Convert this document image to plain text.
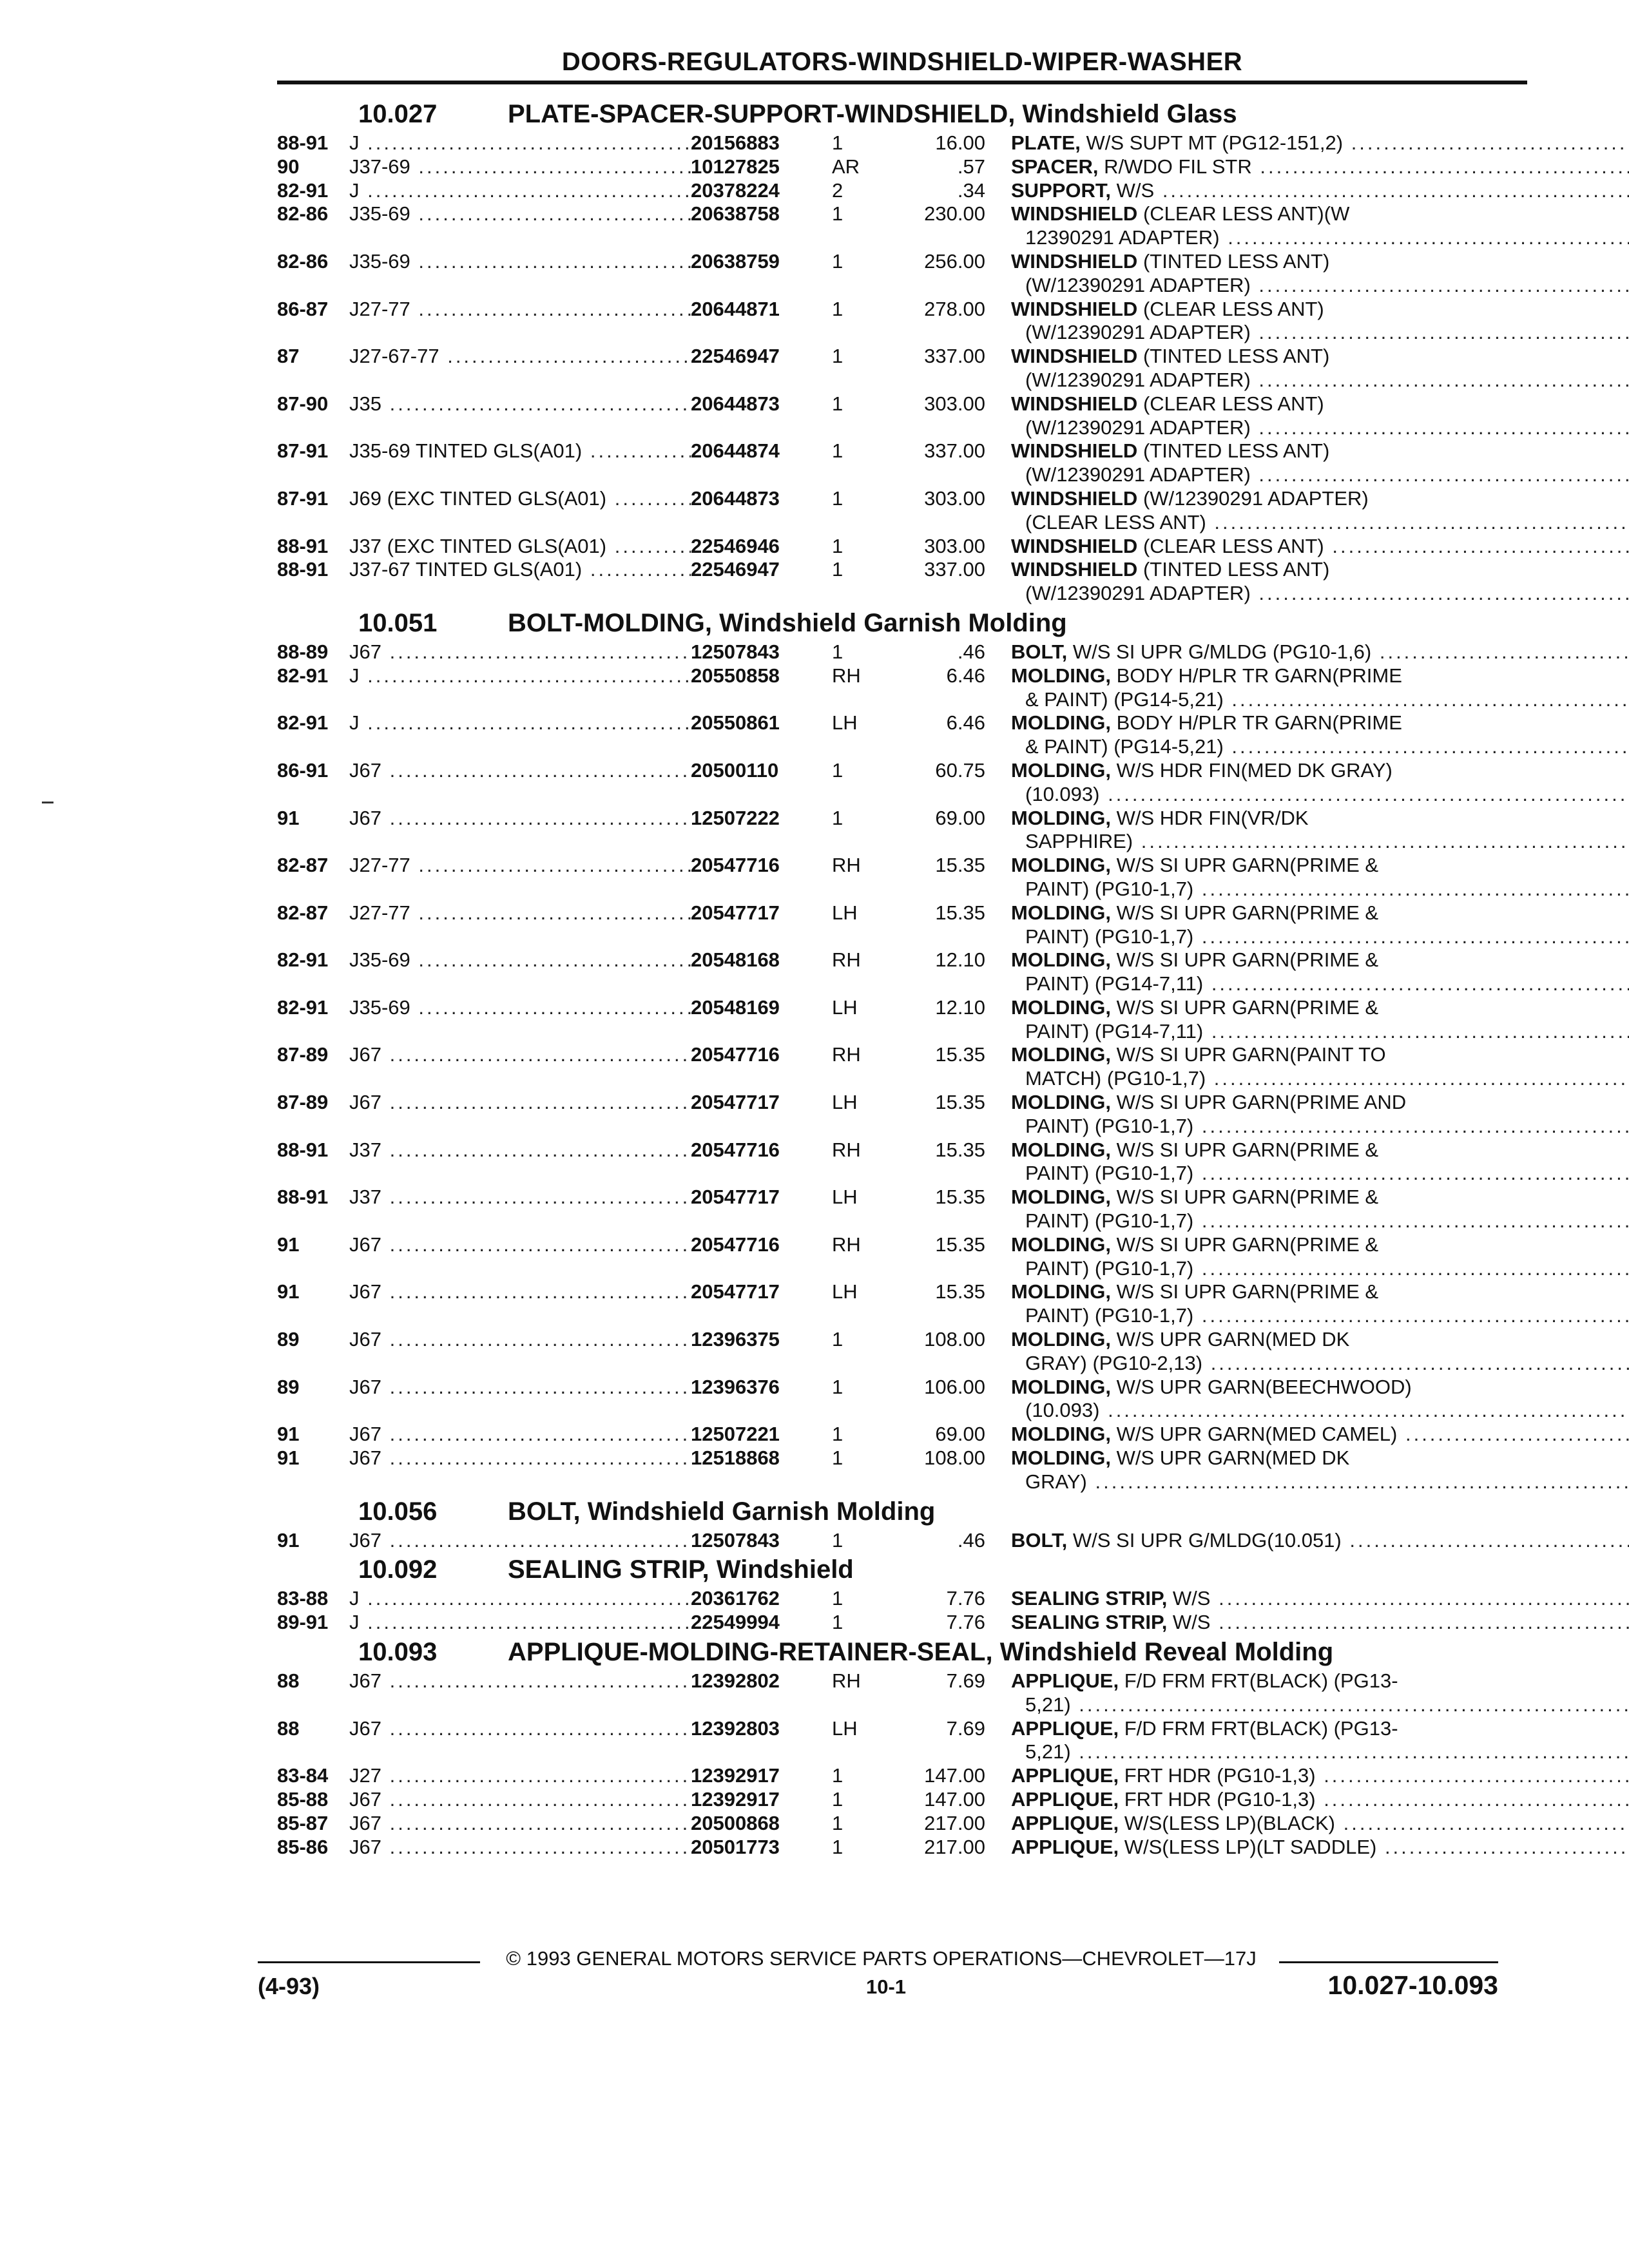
DOORS-REGULATORS-WINDSHIELD-WIPER-WASHER
10.027	PLATE-SPACER-SUPPORT-WINDSHIELD, Windshield Glass
88-91	J .....	20156883	1	16.00	PLATE, W/S SUPT MT (PG12-151,2) .....
90	J37-69 .....	10127825	AR	.57	SPACER, R/WDO FIL STR .....
82-91	J .....	20378224	2	.34	SUPPORT, W/S .....
82-86	J35-69 .....	20638758	1	230.00	WINDSHIELD (CLEAR LESS ANT)(W
12390291 ADAPTER) .....
82-86	J35-69 .....	20638759	1	256.00	WINDSHIELD (TINTED LESS ANT)
(W/12390291 ADAPTER) .....
86-87	J27-77 .....	20644871	1	278.00	WINDSHIELD (CLEAR LESS ANT)
(W/12390291 ADAPTER) .....
87	J27-67-77 .....	22546947	1	337.00	WINDSHIELD (TINTED LESS ANT)
(W/12390291 ADAPTER) .....
87-90	J35 .....	20644873	1	303.00	WINDSHIELD (CLEAR LESS ANT)
(W/12390291 ADAPTER) .....
87-91	J35-69 TINTED GLS(A01) .....	20644874	1	337.00	WINDSHIELD (TINTED LESS ANT)
(W/12390291 ADAPTER) .....
87-91	J69 (EXC TINTED GLS(A01) .....	20644873	1	303.00	WINDSHIELD (W/12390291 ADAPTER)
(CLEAR LESS ANT) .....
88-91	J37 (EXC TINTED GLS(A01) .....	22546946	1	303.00	WINDSHIELD (CLEAR LESS ANT) .....
88-91	J37-67 TINTED GLS(A01) .....	22546947	1	337.00	WINDSHIELD (TINTED LESS ANT)
(W/12390291 ADAPTER) .....
10.051	BOLT-MOLDING, Windshield Garnish Molding
88-89	J67 .....	12507843	1	.46	BOLT, W/S SI UPR G/MLDG (PG10-1,6) .....
82-91	J .....	20550858	RH	6.46	MOLDING, BODY H/PLR TR GARN(PRIME
& PAINT) (PG14-5,21) .....
82-91	J .....	20550861	LH	6.46	MOLDING, BODY H/PLR TR GARN(PRIME
& PAINT) (PG14-5,21) .....
86-91	J67 .....	20500110	1	60.75	MOLDING, W/S HDR FIN(MED DK GRAY)
(10.093) .....
91	J67 .....	12507222	1	69.00	MOLDING, W/S HDR FIN(VR/DK
SAPPHIRE) .....
82-87	J27-77 .....	20547716	RH	15.35	MOLDING, W/S SI UPR GARN(PRIME &
PAINT) (PG10-1,7) .....
82-87	J27-77 .....	20547717	LH	15.35	MOLDING, W/S SI UPR GARN(PRIME &
PAINT) (PG10-1,7) .....
82-91	J35-69 .....	20548168	RH	12.10	MOLDING, W/S SI UPR GARN(PRIME &
PAINT) (PG14-7,11) .....
82-91	J35-69 .....	20548169	LH	12.10	MOLDING, W/S SI UPR GARN(PRIME &
PAINT) (PG14-7,11) .....
87-89	J67 .....	20547716	RH	15.35	MOLDING, W/S SI UPR GARN(PAINT TO
MATCH) (PG10-1,7) .....
87-89	J67 .....	20547717	LH	15.35	MOLDING, W/S SI UPR GARN(PRIME AND
PAINT) (PG10-1,7) .....
88-91	J37 .....	20547716	RH	15.35	MOLDING, W/S SI UPR GARN(PRIME &
PAINT) (PG10-1,7) .....
88-91	J37 .....	20547717	LH	15.35	MOLDING, W/S SI UPR GARN(PRIME &
PAINT) (PG10-1,7) .....
91	J67 .....	20547716	RH	15.35	MOLDING, W/S SI UPR GARN(PRIME &
PAINT) (PG10-1,7) .....
91	J67 .....	20547717	LH	15.35	MOLDING, W/S SI UPR GARN(PRIME &
PAINT) (PG10-1,7) .....
89	J67 .....	12396375	1	108.00	MOLDING, W/S UPR GARN(MED DK
GRAY) (PG10-2,13) .....
89	J67 .....	12396376	1	106.00	MOLDING, W/S UPR GARN(BEECHWOOD)
(10.093) .....
91	J67 .....	12507221	1	69.00	MOLDING, W/S UPR GARN(MED CAMEL) .....
91	J67 .....	12518868	1	108.00	MOLDING, W/S UPR GARN(MED DK
GRAY) .....
10.056	BOLT, Windshield Garnish Molding
91	J67 .....	12507843	1	.46	BOLT, W/S SI UPR G/MLDG(10.051) .....
10.092	SEALING STRIP, Windshield
83-88	J .....	20361762	1	7.76	SEALING STRIP, W/S .....
89-91	J .....	22549994	1	7.76	SEALING STRIP, W/S .....
10.093	APPLIQUE-MOLDING-RETAINER-SEAL, Windshield Reveal Molding
88	J67 .....	12392802	RH	7.69	APPLIQUE, F/D FRM FRT(BLACK) (PG13-
5,21) .....
88	J67 .....	12392803	LH	7.69	APPLIQUE, F/D FRM FRT(BLACK) (PG13-
5,21) .....
83-84	J27 .....	12392917	1	147.00	APPLIQUE, FRT HDR (PG10-1,3) .....
85-88	J67 .....	12392917	1	147.00	APPLIQUE, FRT HDR (PG10-1,3) .....
85-87	J67 .....	20500868	1	217.00	APPLIQUE, W/S(LESS LP)(BLACK) .....
85-86	J67 .....	20501773	1	217.00	APPLIQUE, W/S(LESS LP)(LT SADDLE) .....
© 1993 GENERAL MOTORS SERVICE PARTS OPERATIONS—CHEVROLET—17J
(4-93)	10-1	10.027-10.093
